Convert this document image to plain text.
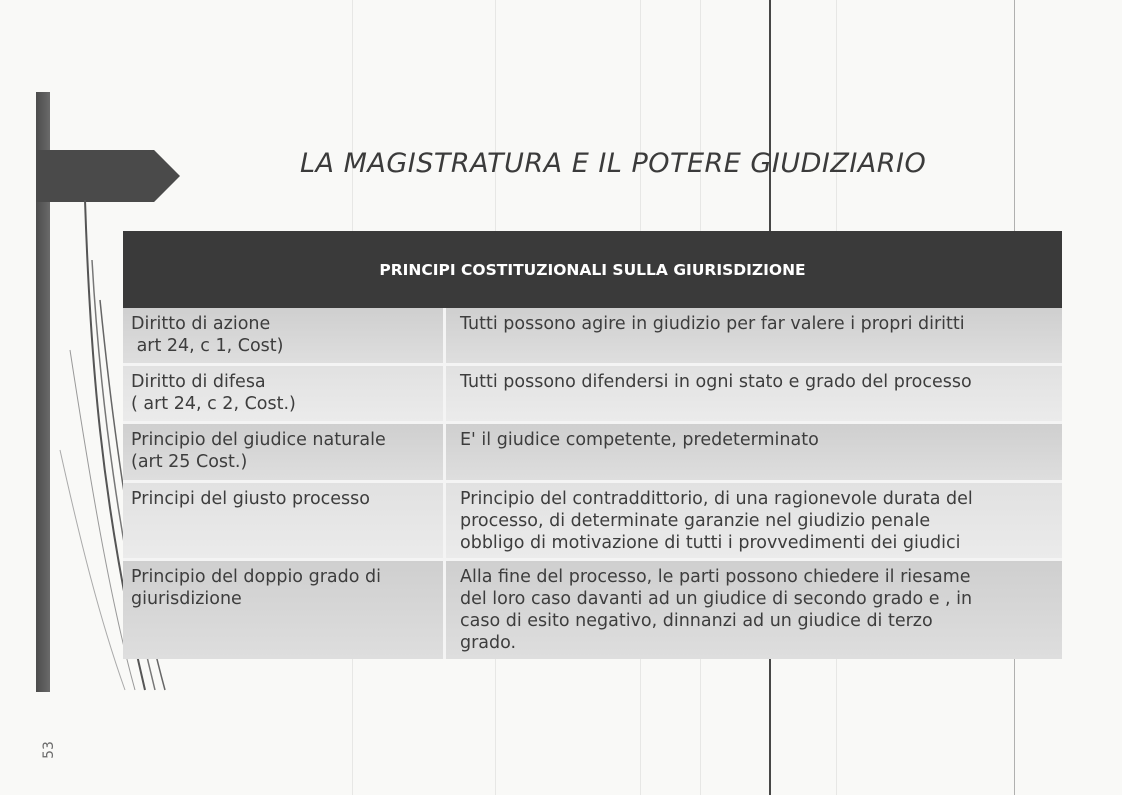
LA MAGISTRATURA E IL POTERE GIUDIZIARIO
PRINCIPI COSTITUZIONALI SULLA GIURISDIZIONE
Diritto di azione
art 24, c 1, Cost)
Tutti possono agire in giudizio per far valere i propri diritti
Diritto di difesa
( art 24, c 2, Cost.)
Tutti possono difendersi in ogni stato e grado del processo
Principio del giudice naturale
(art 25 Cost.)
E' il giudice competente, predeterminato
Principi del giusto processo	Principio del contraddittorio, di una ragionevole durata del
processo, di determinate garanzie nel giudizio penale
obbligo di motivazione di tutti i provvedimenti dei giudici
Principio del doppio grado di
giurisdizione
Alla fine del processo, le parti possono chiedere il riesame
del loro caso davanti ad un giudice di secondo grado e , in
caso di esito negativo, dinnanzi ad un giudice di terzo
grado.
53
